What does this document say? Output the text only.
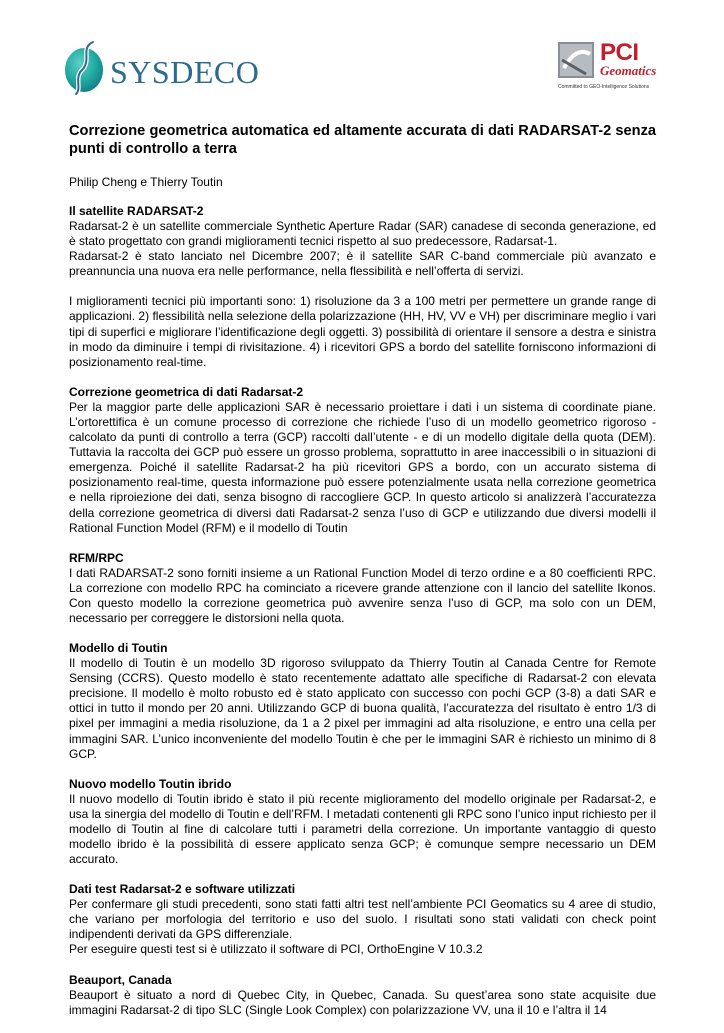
SYSDECO
PCI
Geomatics
Committed to GEO-Intelligence Solutions
Correzione geometrica automatica ed altamente accurata di dati RADARSAT-2 senza punti di controllo a terra

Philip Cheng e Thierry Toutin

Il satellite RADARSAT-2

Radarsat-2 è un satellite commerciale Synthetic Aperture Radar (SAR) canadese di seconda generazione, ed è stato progettato con grandi miglioramenti tecnici rispetto al suo predecessore, Radarsat-1.

Radarsat-2 è stato lanciato nel Dicembre 2007; è il satellite SAR C-band commerciale più avanzato e preannuncia una nuova era nelle performance, nella flessibilità e nell’offerta di servizi.

I miglioramenti tecnici più importanti sono: 1) risoluzione da 3 a 100 metri per permettere un grande range di applicazioni. 2) flessibilità nella selezione della polarizzazione (HH, HV, VV e VH) per discriminare meglio i vari tipi di superfici e migliorare l’identificazione degli oggetti. 3) possibilità di orientare il sensore a destra e sinistra in modo da diminuire i tempi di rivisitazione. 4) i ricevitori GPS a bordo del satellite forniscono informazioni di posizionamento real-time.

Correzione geometrica di dati Radarsat-2

Per la maggior parte delle applicazioni SAR è necessario proiettare i dati i un sistema di coordinate piane. L’ortorettifica è un comune processo di correzione che richiede l’uso di un modello geometrico rigoroso - calcolato da punti di controllo a terra (GCP) raccolti dall’utente - e di un modello digitale della quota (DEM). Tuttavia la raccolta dei GCP può essere un grosso problema, soprattutto in aree inaccessibili o in situazioni di emergenza. Poiché il satellite Radarsat-2 ha più ricevitori GPS a bordo, con un accurato sistema di posizionamento real-time, questa informazione può essere potenzialmente usata nella correzione geometrica e nella riproiezione dei dati, senza bisogno di raccogliere GCP. In questo articolo si analizzerà l’accuratezza della correzione geometrica di diversi dati Radarsat-2 senza l’uso di GCP e utilizzando due diversi modelli il Rational Function Model (RFM) e il modello di Toutin

RFM/RPC

I dati RADARSAT-2 sono forniti insieme a un Rational Function Model di terzo ordine e a 80 coefficienti RPC. La correzione con modello RPC ha cominciato a ricevere grande attenzione con il lancio del satellite Ikonos. Con questo modello la correzione geometrica può avvenire senza l’uso di GCP, ma solo con un DEM, necessario per correggere le distorsioni nella quota.

Modello di Toutin

Il modello di Toutin è un modello 3D rigoroso sviluppato da Thierry Toutin al Canada Centre for Remote Sensing (CCRS). Questo modello è stato recentemente adattato alle specifiche di Radarsat-2 con elevata precisione. Il modello è molto robusto ed è stato applicato con successo con pochi GCP (3-8) a dati SAR e ottici in tutto il mondo per 20 anni. Utilizzando GCP di buona qualità, l’accuratezza del risultato è entro 1/3 di pixel per immagini a media risoluzione, da 1 a 2 pixel per immagini ad alta risoluzione, e entro una cella per immagini SAR. L’unico inconveniente del modello Toutin è che per le immagini SAR è richiesto un minimo di 8 GCP.

Nuovo modello Toutin ibrido

Il nuovo modello di Toutin ibrido è stato il più recente miglioramento del modello originale per Radarsat-2, e usa la sinergia del modello di Toutin e dell’RFM. I metadati contenenti gli RPC sono l’unico input richiesto per il modello di Toutin al fine di calcolare tutti i parametri della correzione. Un importante vantaggio di questo modello ibrido è la possibilità di essere applicato senza GCP; è comunque sempre necessario un DEM accurato.

Dati test Radarsat-2 e software utilizzati

Per confermare gli studi precedenti, sono stati fatti altri test nell’ambiente PCI Geomatics su 4 aree di studio, che variano per morfologia del territorio e uso del suolo. I risultati sono stati validati con check point indipendenti derivati da GPS differenziale.

Per eseguire questi test si è utilizzato il software di PCI, OrthoEngine V 10.3.2

Beauport, Canada

Beauport è situato a nord di Quebec City, in Quebec, Canada. Su quest’area sono state acquisite due immagini Radarsat-2 di tipo SLC (Single Look Complex) con polarizzazione VV, una il 10 e l’altra il 14
